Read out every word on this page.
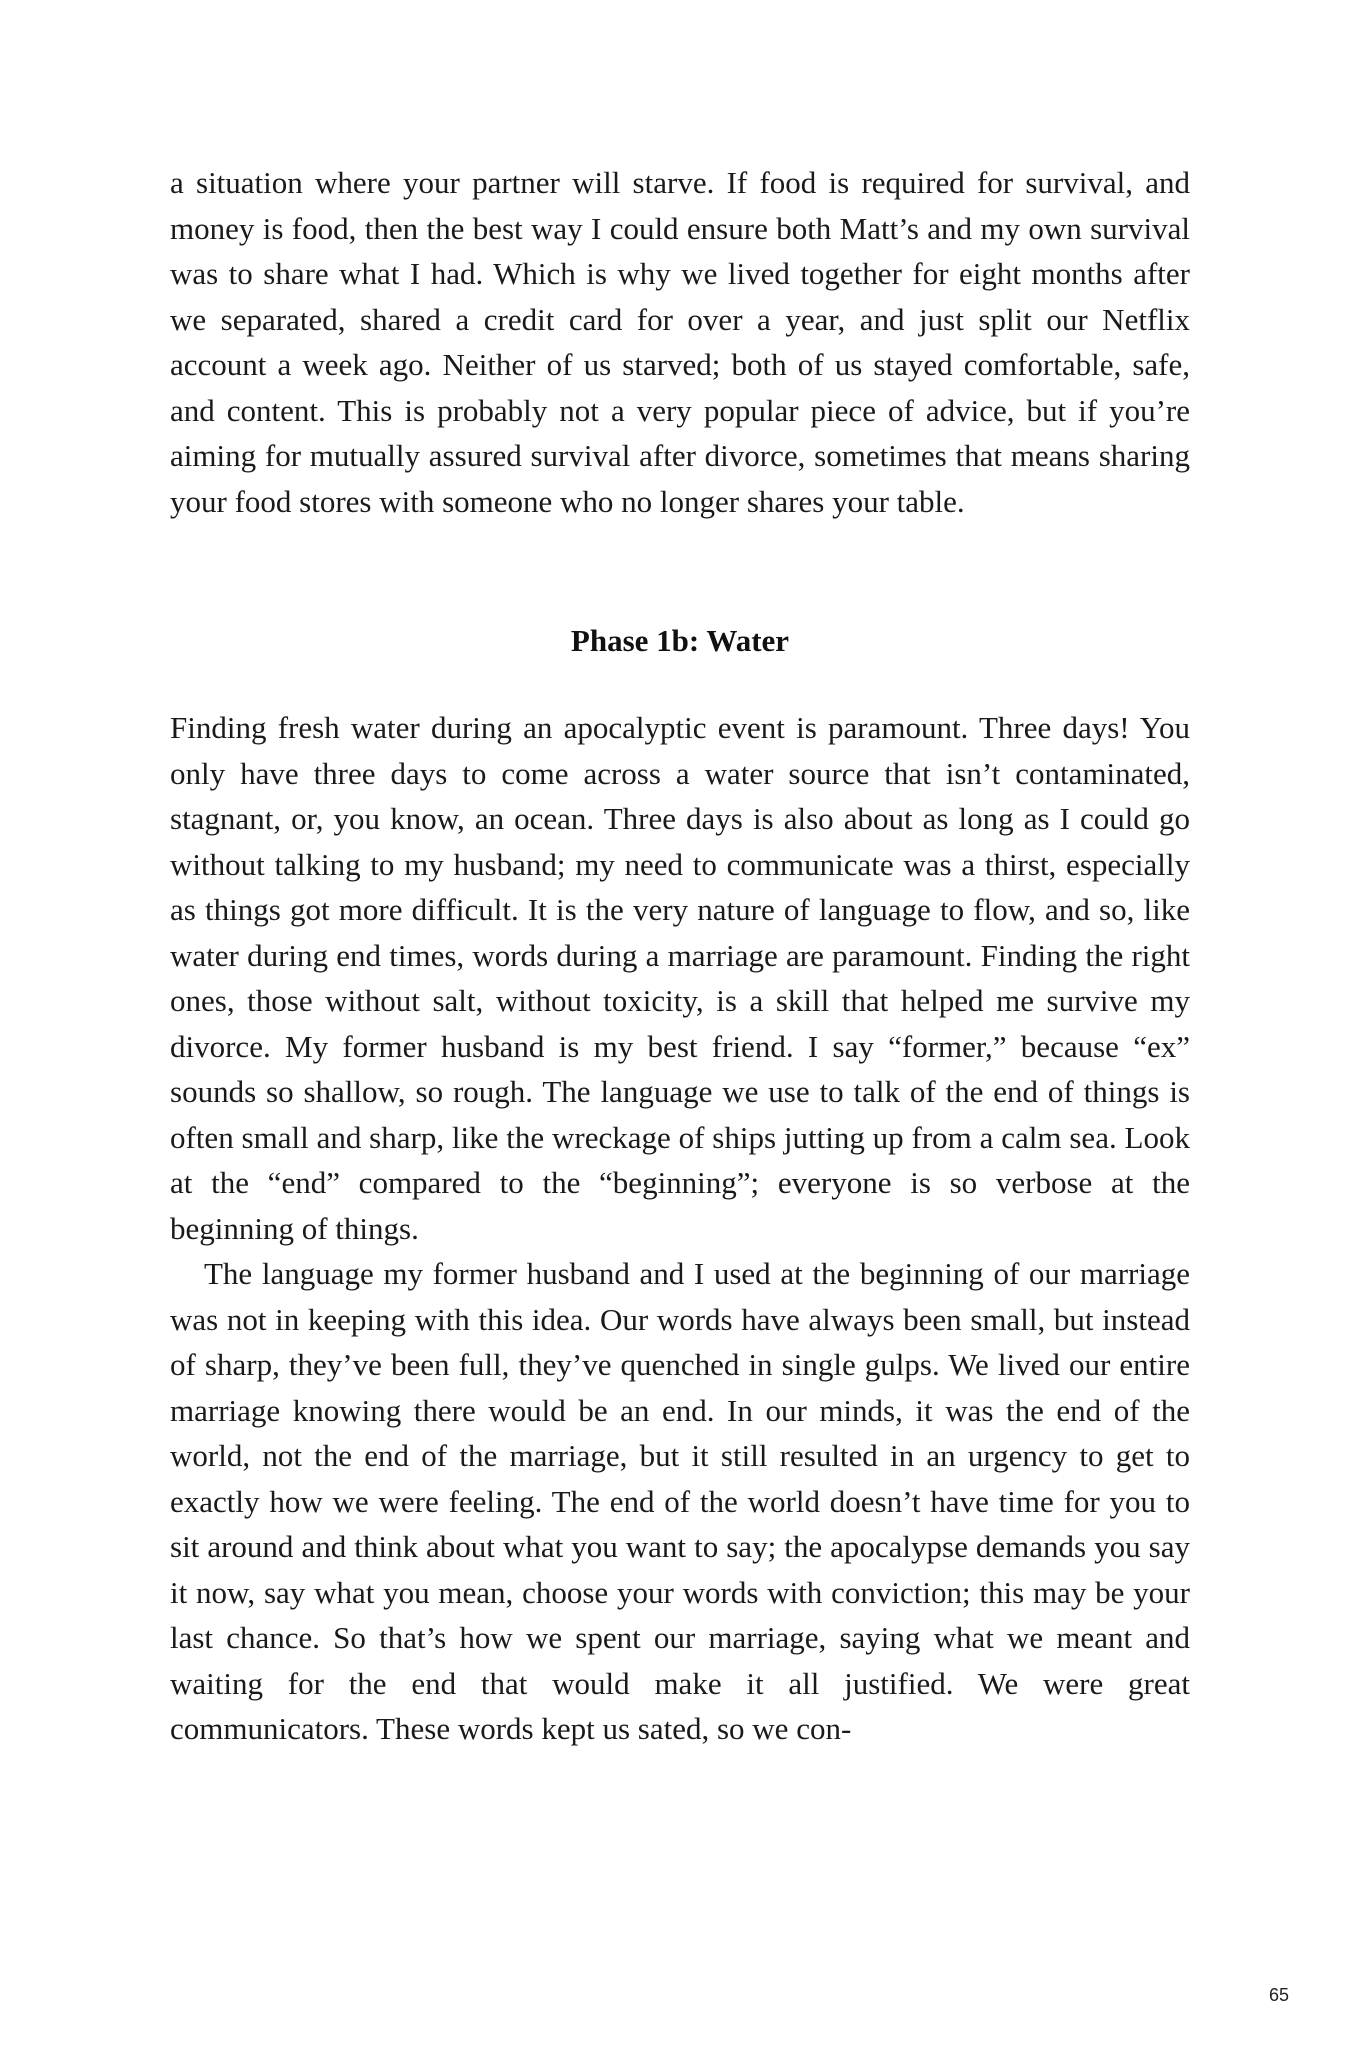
a situation where your partner will starve. If food is required for survival, and money is food, then the best way I could ensure both Matt’s and my own survival was to share what I had. Which is why we lived together for eight months after we separated, shared a credit card for over a year, and just split our Netflix account a week ago. Neither of us starved; both of us stayed comfortable, safe, and content. This is probably not a very popular piece of advice, but if you’re aiming for mutually assured survival after divorce, sometimes that means sharing your food stores with someone who no longer shares your table.

Phase 1b: Water

Finding fresh water during an apocalyptic event is paramount. Three days! You only have three days to come across a water source that isn’t contaminated, stagnant, or, you know, an ocean. Three days is also about as long as I could go without talking to my husband; my need to communicate was a thirst, especially as things got more difficult. It is the very nature of language to flow, and so, like water during end times, words during a marriage are paramount. Finding the right ones, those without salt, without toxicity, is a skill that helped me survive my divorce. My former husband is my best friend. I say “former,” because “ex” sounds so shallow, so rough. The language we use to talk of the end of things is often small and sharp, like the wreckage of ships jutting up from a calm sea. Look at the “end” compared to the “beginning”; everyone is so verbose at the beginning of things.

The language my former husband and I used at the beginning of our marriage was not in keeping with this idea. Our words have always been small, but instead of sharp, they’ve been full, they’ve quenched in single gulps. We lived our entire marriage knowing there would be an end. In our minds, it was the end of the world, not the end of the marriage, but it still resulted in an urgency to get to exactly how we were feeling. The end of the world doesn’t have time for you to sit around and think about what you want to say; the apocalypse demands you say it now, say what you mean, choose your words with conviction; this may be your last chance. So that’s how we spent our marriage, saying what we meant and waiting for the end that would make it all justified. We were great communicators. These words kept us sated, so we con-

65
